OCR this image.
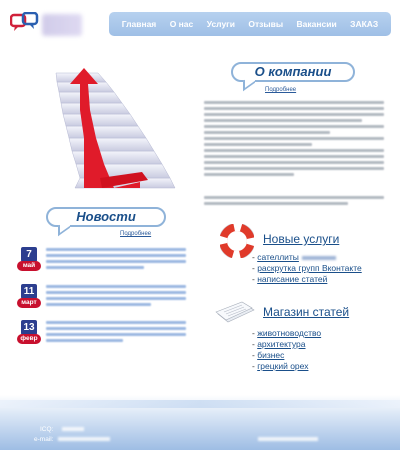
Главная О нас Услуги Отзывы Вакансии ЗАКАЗ
О компании
Подробнее
Новости
Подробнее
7
май
11
март
13
февр
Новые услуги
- сателлиты
- раскрутка групп Вконтакте
- написание статей
Магазин статей
- животноводство
- архитектура
- бизнес
- грецкий орех
ICQ:
e-mail:
